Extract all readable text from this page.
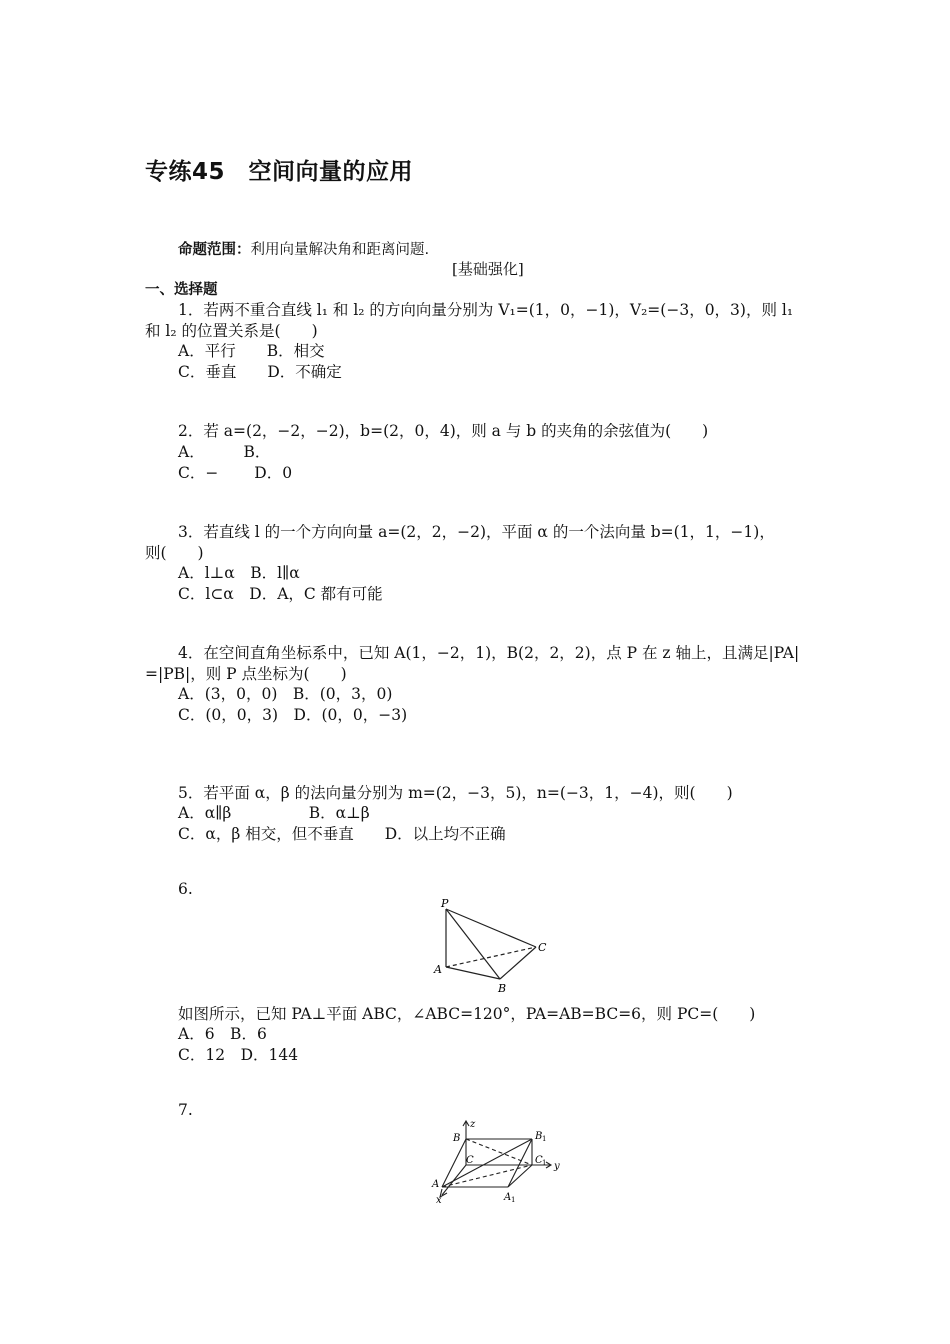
专练45　空间向量的应用
命题范围：利用向量解决角和距离问题.
[基础强化]
一、选择题
1．若两不重合直线 l₁ 和 l₂ 的方向向量分别为 V₁=(1，0，−1)，V₂=(−3，0，3)，则 l₁
和 l₂ 的位置关系是(　　)
A．平行　　B．相交
C．垂直　　D．不确定
2．若 a=(2，−2，−2)，b=(2，0，4)，则 a 与 b 的夹角的余弦值为(　　)
A．　　　B．
C．−　　 D．0
3．若直线 l 的一个方向向量 a=(2，2，−2)，平面 α 的一个法向量 b=(1，1，−1)，
则(　　)
A．l⊥α　B．l∥α
C．l⊂α　D．A，C 都有可能
4．在空间直角坐标系中，已知 A(1，−2，1)，B(2，2，2)，点 P 在 z 轴上，且满足|PA|
=|PB|，则 P 点坐标为(　　)
A．(3，0，0)　B．(0，3，0)
C．(0，0，3)　D．(0，0，−3)
5．若平面 α，β 的法向量分别为 m=(2，−3，5)，n=(−3，1，−4)，则(　　)
A．α∥β　　　　　B．α⊥β
C．α，β 相交，但不垂直　　D．以上均不正确
6.
P
A
B
C
如图所示，已知 PA⊥平面 ABC，∠ABC=120°，PA=AB=BC=6，则 PC=(　　)
A．6　B．6
C．12　D．144
7.
z
y
x
B	B 1
C	C 1
A
A 1
